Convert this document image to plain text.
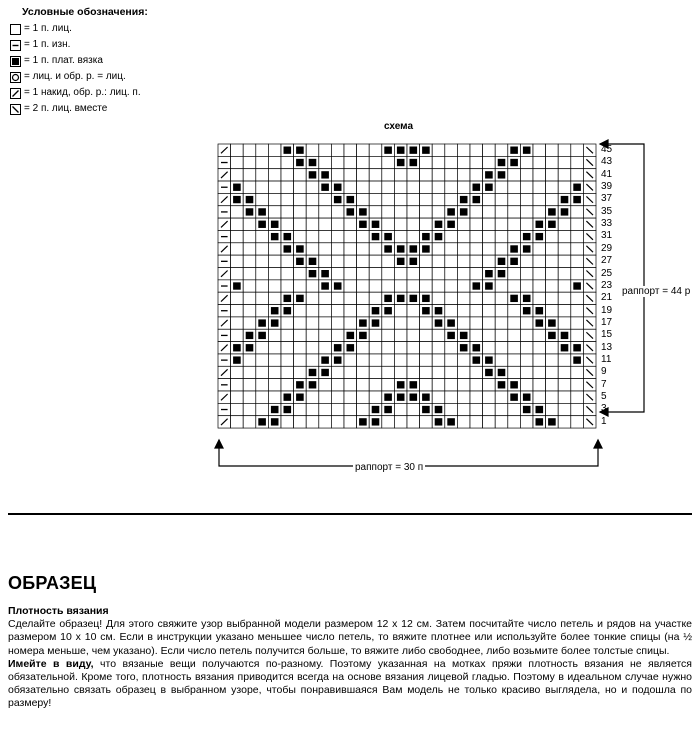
Условные обозначения:
= 1 п. лиц.
= 1 п. изн.
= 1 п. плат. вязка
= лиц. и обр. р. = лиц.
= 1 накид, обр. р.: лиц. п.
= 2 п. лиц. вместе
схема
45
43
41
39
37
35
33
31
29
27
25
23
21
19
17
15
13
11
9
7
5
3
1
раппорт = 44 р
раппорт = 30 п
ОБРАЗЕЦ

Плотность вязания

Сделайте образец! Для этого свяжите узор выбранной модели размером 12 х 12 см. Затем посчитайте число петель и рядов на участке размером 10 х 10 см. Если в инструкции указано меньшее число петель, то вяжите плотнее или используйте более тонкие спицы (на ½ номера меньше, чем указано). Если число петель получится больше, то вяжите либо свободнее, либо возьмите более толстые спицы.

Имейте в виду, что вязаные вещи получаются по-разному. Поэтому указанная на мотках пряжи плотность вязания не является обязательной. Кроме того, плотность вязания приводится всегда на основе вязания лицевой гладью. Поэтому в идеальном случае нужно обязательно связать образец в выбранном узоре, чтобы понравившаяся Вам модель не только красиво выглядела, но и подошла по размеру!
